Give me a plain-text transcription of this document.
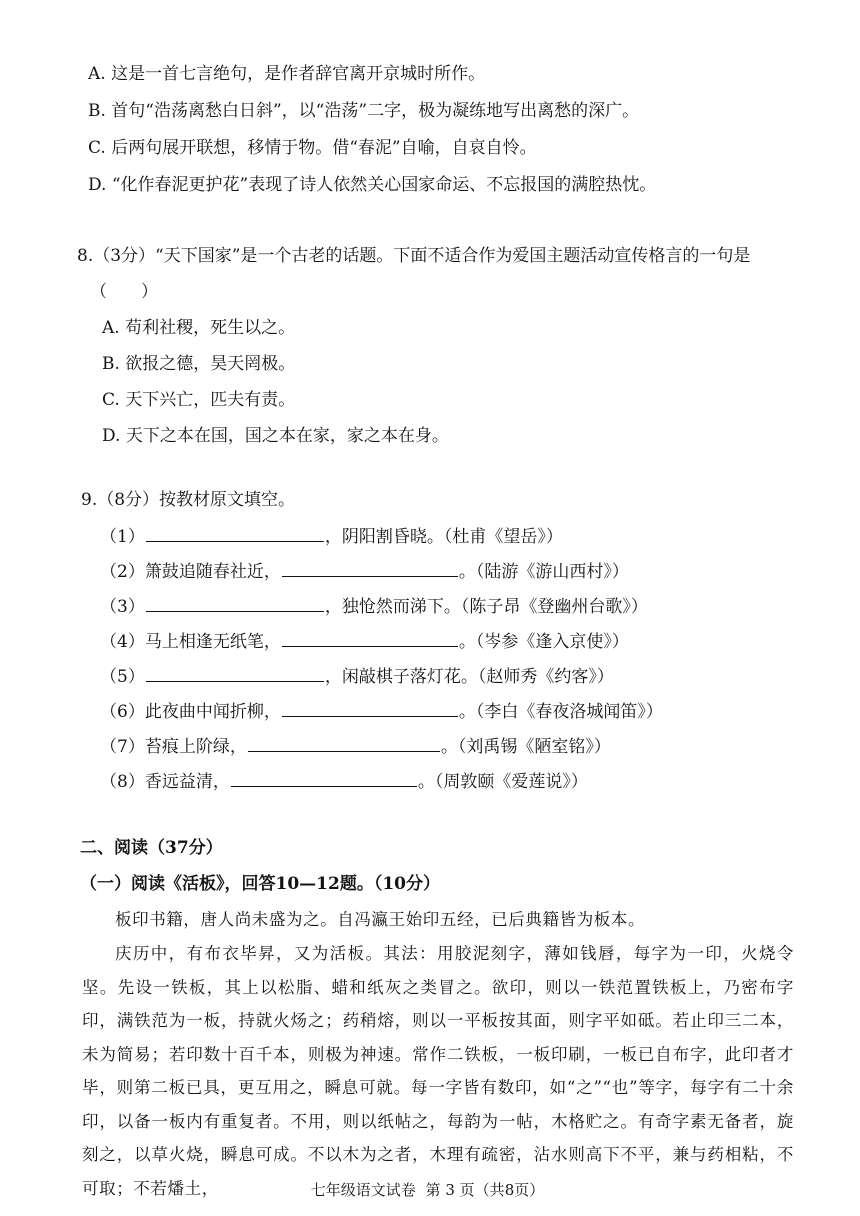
A. 这是一首七言绝句，是作者辞官离开京城时所作。
B. 首句“浩荡离愁白日斜”，以“浩荡”二字，极为凝练地写出离愁的深广。
C. 后两句展开联想，移情于物。借“春泥”自喻，自哀自怜。
D. “化作春泥更护花”表现了诗人依然关心国家命运、不忘报国的满腔热忱。
8.（3分）“天下国家”是一个古老的话题。下面不适合作为爱国主题活动宣传格言的一句是
（　　）
A. 苟利社稷，死生以之。
B. 欲报之德，昊天罔极。
C. 天下兴亡，匹夫有责。
D. 天下之本在国，国之本在家，家之本在身。
9.（8分）按教材原文填空。
（1）	，阴阳割昏晓。（杜甫《望岳》）
（2）箫鼓追随春社近，	。（陆游《游山西村》）
（3）	，独怆然而涕下。（陈子昂《登幽州台歌》）
（4）马上相逢无纸笔，	。（岑参《逢入京使》）
（5）	，闲敲棋子落灯花。（赵师秀《约客》）
（6）此夜曲中闻折柳，	。（李白《春夜洛城闻笛》）
（7）苔痕上阶绿，	。（刘禹锡《陋室铭》）
（8）香远益清，	。（周敦颐《爱莲说》）
二、阅读（37分）
（一）阅读《活板》，回答10—12题。（10分）

板印书籍，唐人尚未盛为之。自冯瀛王始印五经，已后典籍皆为板本。

庆历中，有布衣毕昇，又为活板。其法：用胶泥刻字，薄如钱唇，每字为一印，火烧令坚。先设一铁板，其上以松脂、蜡和纸灰之类冒之。欲印，则以一铁范置铁板上，乃密布字印，满铁范为一板，持就火炀之；药稍熔，则以一平板按其面，则字平如砥。若止印三二本，未为简易；若印数十百千本，则极为神速。常作二铁板，一板印刷，一板已自布字，此印者才毕，则第二板已具，更互用之，瞬息可就。每一字皆有数印，如“之”“也”等字，每字有二十余印，以备一板内有重复者。不用，则以纸帖之，每韵为一帖，木格贮之。有奇字素无备者，旋刻之，以草火烧，瞬息可成。不以木为之者，木理有疏密，沾水则高下不平，兼与药相粘，不可取；不若燔土，	七年级语文试卷 第 3 页（共8页）
